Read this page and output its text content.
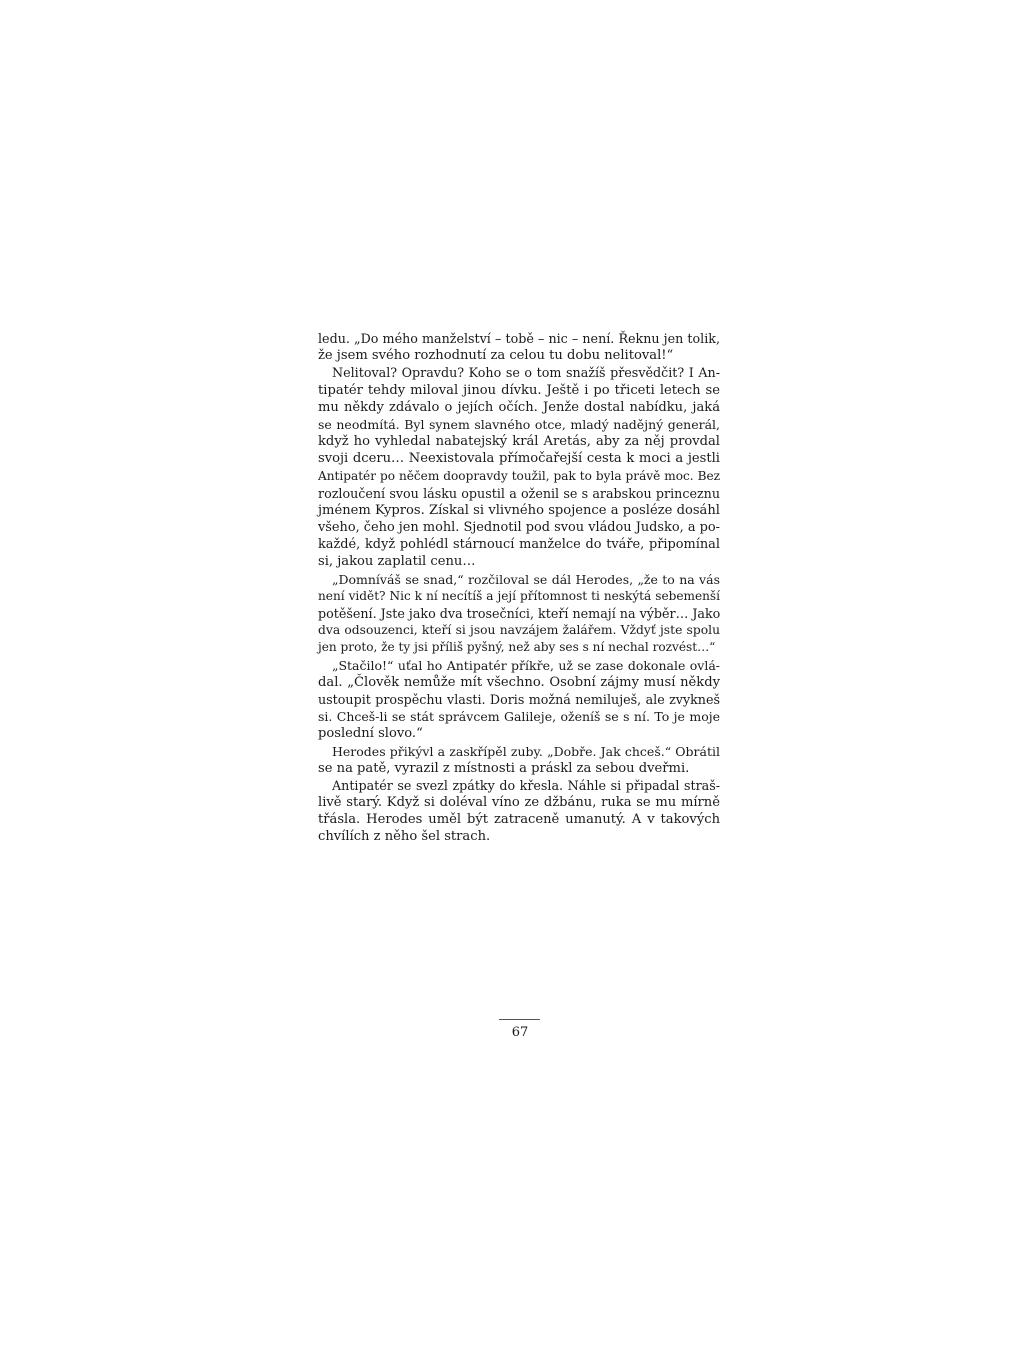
ledu. „Do mého manželství – tobě – nic – není. Řeknu jen tolik,
že jsem svého rozhodnutí za celou tu dobu nelitoval!“
Nelitoval? Opravdu? Koho se o tom snažíš přesvědčit? I An-
tipatér tehdy miloval jinou dívku. Ještě i po třiceti letech se
mu někdy zdávalo o jejích očích. Jenže dostal nabídku, jaká
se neodmítá. Byl synem slavného otce, mladý nadějný generál,
když ho vyhledal nabatejský král Aretás, aby za něj provdal
svoji dceru… Neexistovala přímočařejší cesta k moci a jestli
Antipatér po něčem doopravdy toužil, pak to byla právě moc. Bez
rozloučení svou lásku opustil a oženil se s arabskou princeznu
jménem Kypros. Získal si vlivného spojence a posléze dosáhl
všeho, čeho jen mohl. Sjednotil pod svou vládou Judsko, a po-
každé, když pohlédl stárnoucí manželce do tváře, připomínal
si, jakou zaplatil cenu…
„Domníváš se snad,“ rozčiloval se dál Herodes, „že to na vás
není vidět? Nic k ní necítíš a její přítomnost ti neskýtá sebemenší
potěšení. Jste jako dva trosečníci, kteří nemají na výběr… Jako
dva odsouzenci, kteří si jsou navzájem žalářem. Vždyť jste spolu
jen proto, že ty jsi příliš pyšný, než aby ses s ní nechal rozvést…“
„Stačilo!“ uťal ho Antipatér příkře, už se zase dokonale ovlá-
dal. „Člověk nemůže mít všechno. Osobní zájmy musí někdy
ustoupit prospěchu vlasti. Doris možná nemiluješ, ale zvykneš
si. Chceš-li se stát správcem Galileje, oženíš se s ní. To je moje
poslední slovo.“
Herodes přikývl a zaskřípěl zuby. „Dobře. Jak chceš.“ Obrátil
se na patě, vyrazil z místnosti a práskl za sebou dveřmi.
Antipatér se svezl zpátky do křesla. Náhle si připadal straš-
livě starý. Když si doléval víno ze džbánu, ruka se mu mírně
třásla. Herodes uměl být zatraceně umanutý. A v takových
chvílích z něho šel strach.
67
